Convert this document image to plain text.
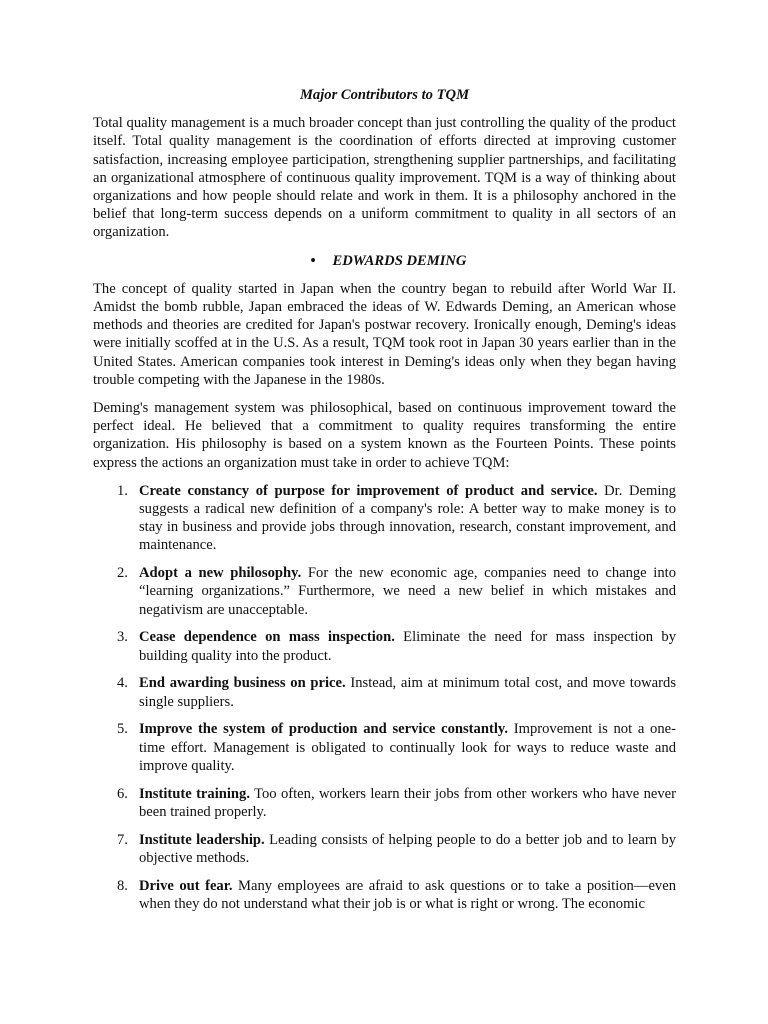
Major Contributors to TQM

Total quality management is a much broader concept than just controlling the quality of the product itself. Total quality management is the coordination of efforts directed at improving customer satisfaction, increasing employee participation, strengthening supplier partnerships, and facilitating an organizational atmosphere of continuous quality improvement. TQM is a way of thinking about organizations and how people should relate and work in them. It is a philosophy anchored in the belief that long-term success depends on a uniform commitment to quality in all sectors of an organization.

• EDWARDS DEMING

The concept of quality started in Japan when the country began to rebuild after World War II. Amidst the bomb rubble, Japan embraced the ideas of W. Edwards Deming, an American whose methods and theories are credited for Japan's postwar recovery. Ironically enough, Deming's ideas were initially scoffed at in the U.S. As a result, TQM took root in Japan 30 years earlier than in the United States. American companies took interest in Deming's ideas only when they began having trouble competing with the Japanese in the 1980s.

Deming's management system was philosophical, based on continuous improvement toward the perfect ideal. He believed that a commitment to quality requires transforming the entire organization. His philosophy is based on a system known as the Fourteen Points. These points express the actions an organization must take in order to achieve TQM:

1. Create constancy of purpose for improvement of product and service. Dr. Deming suggests a radical new definition of a company's role: A better way to make money is to stay in business and provide jobs through innovation, research, constant improvement, and maintenance.
2. Adopt a new philosophy. For the new economic age, companies need to change into “learning organizations.” Furthermore, we need a new belief in which mistakes and negativism are unacceptable.
3. Cease dependence on mass inspection. Eliminate the need for mass inspection by building quality into the product.
4. End awarding business on price. Instead, aim at minimum total cost, and move towards single suppliers.
5. Improve the system of production and service constantly. Improvement is not a one-time effort. Management is obligated to continually look for ways to reduce waste and improve quality.
6. Institute training. Too often, workers learn their jobs from other workers who have never been trained properly.
7. Institute leadership. Leading consists of helping people to do a better job and to learn by objective methods.
8. Drive out fear. Many employees are afraid to ask questions or to take a position—even when they do not understand what their job is or what is right or wrong. The economic
